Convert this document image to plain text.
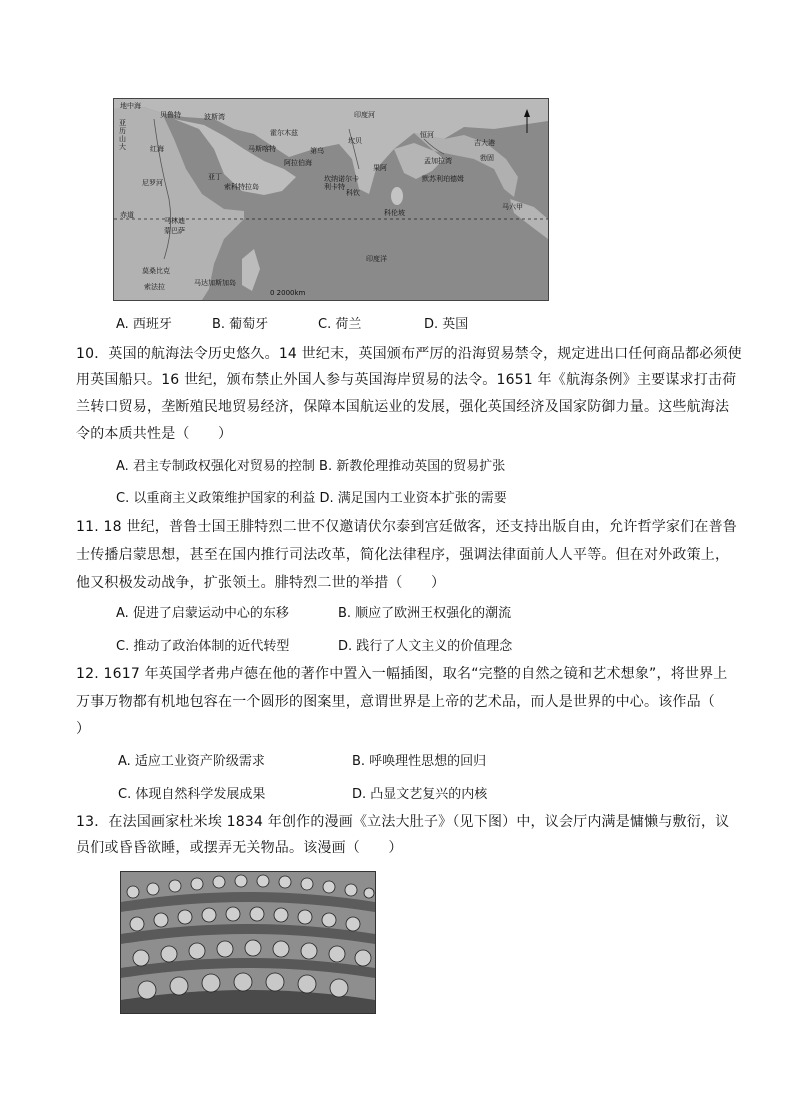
地中海
亚历山大
贝鲁特
红海
波斯湾
霍尔木兹
马斯喀特
阿拉伯海
第乌
印度河
坎贝
果阿
坎纳诺尔卡利卡特
科钦
恒河
孟加拉湾
吉大港
勃固
科伦坡
亚丁
索科特拉岛
赤道
马林迪
蒙巴萨
莫桑比克
索法拉	马达加斯加岛
印度洋
马六甲
默苏利珀德姆
尼罗河
0 2000km
A. 西班牙	B. 葡萄牙	C. 荷兰	D. 英国
10．英国的航海法令历史悠久。14 世纪末，英国颁布严厉的沿海贸易禁令，规定进出口任何商品都必须使
用英国船只。16 世纪，颁布禁止外国人参与英国海岸贸易的法令。1651 年《航海条例》主要谋求打击荷
兰转口贸易，垄断殖民地贸易经济，保障本国航运业的发展，强化英国经济及国家防御力量。这些航海法
令的本质共性是（　　）
A. 君主专制政权强化对贸易的控制 B. 新教伦理推动英国的贸易扩张
C. 以重商主义政策维护国家的利益 D. 满足国内工业资本扩张的需要
11. 18 世纪，普鲁士国王腓特烈二世不仅邀请伏尔泰到宫廷做客，还支持出版自由，允许哲学家们在普鲁
士传播启蒙思想，甚至在国内推行司法改革，简化法律程序，强调法律面前人人平等。但在对外政策上，
他又积极发动战争，扩张领土。腓特烈二世的举措（　　）
A. 促进了启蒙运动中心的东移	B. 顺应了欧洲王权强化的潮流
C. 推动了政治体制的近代转型	D. 践行了人文主义的价值理念
12. 1617 年英国学者弗卢德在他的著作中置入一幅插图，取名“完整的自然之镜和艺术想象”，将世界上
万事万物都有机地包容在一个圆形的图案里，意谓世界是上帝的艺术品，而人是世界的中心。该作品（
）
A. 适应工业资产阶级需求	B. 呼唤理性思想的回归
C. 体现自然科学发展成果	D. 凸显文艺复兴的内核
13．在法国画家杜米埃 1834 年创作的漫画《立法大肚子》（见下图）中，议会厅内满是慵懒与敷衍，议
员们或昏昏欲睡，或摆弄无关物品。该漫画（　　）
